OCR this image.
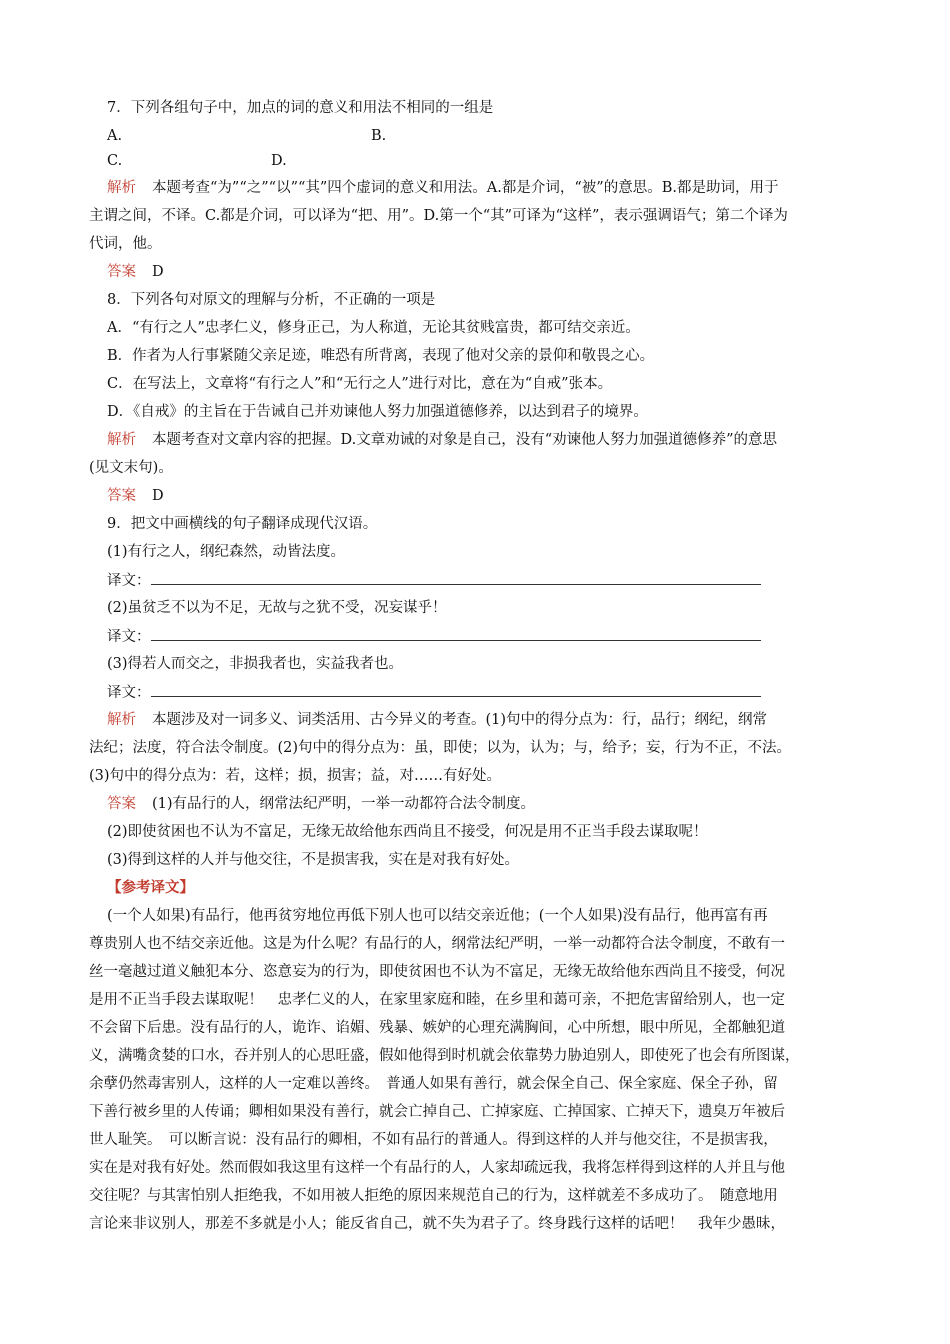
7．下列各组句子中，加点的词的意义和用法不相同的一组是
A.	B.
C.	D.
解析 本题考查“为”“之”“以”“其”四个虚词的意义和用法。A.都是介词，“被”的意思。B.都是助词，用于
主谓之间，不译。C.都是介词，可以译为“把、用”。D.第一个“其”可译为“这样”，表示强调语气；第二个译为
代词，他。
答案 D
8．下列各句对原文的理解与分析，不正确的一项是
A．“有行之人”忠孝仁义，修身正己，为人称道，无论其贫贱富贵，都可结交亲近。
B．作者为人行事紧随父亲足迹，唯恐有所背离，表现了他对父亲的景仰和敬畏之心。
C．在写法上，文章将“有行之人”和“无行之人”进行对比，意在为“自戒”张本。
D．《自戒》的主旨在于告诫自己并劝谏他人努力加强道德修养，以达到君子的境界。
解析 本题考查对文章内容的把握。D.文章劝诫的对象是自己，没有“劝谏他人努力加强道德修养”的意思
(见文末句)。
答案 D
9．把文中画横线的句子翻译成现代汉语。
(1)有行之人，纲纪森然，动皆法度。
译文：
(2)虽贫乏不以为不足，无故与之犹不受，况妄谋乎！
译文：
(3)得若人而交之，非损我者也，实益我者也。
译文：
解析 本题涉及对一词多义、词类活用、古今异义的考查。(1)句中的得分点为：行，品行；纲纪，纲常
法纪；法度，符合法令制度。(2)句中的得分点为：虽，即使；以为，认为；与，给予；妄，行为不正，不法。
(3)句中的得分点为：若，这样；损，损害；益，对……有好处。
答案 (1)有品行的人，纲常法纪严明，一举一动都符合法令制度。
(2)即使贫困也不认为不富足，无缘无故给他东西尚且不接受，何况是用不正当手段去谋取呢！
(3)得到这样的人并与他交往，不是损害我，实在是对我有好处。
【参考译文】
(一个人如果)有品行，他再贫穷地位再低下别人也可以结交亲近他；(一个人如果)没有品行，他再富有再
尊贵别人也不结交亲近他。这是为什么呢？有品行的人，纲常法纪严明，一举一动都符合法令制度，不敢有一
丝一毫越过道义触犯本分、恣意妄为的行为，即使贫困也不认为不富足，无缘无故给他东西尚且不接受，何况
是用不正当手段去谋取呢！　忠孝仁义的人，在家里家庭和睦，在乡里和蔼可亲，不把危害留给别人，也一定
不会留下后患。没有品行的人，诡诈、谄媚、残暴、嫉妒的心理充满胸间，心中所想，眼中所见，全都触犯道
义，满嘴贪婪的口水，吞并别人的心思旺盛，假如他得到时机就会依靠势力胁迫别人，即使死了也会有所图谋，
余孽仍然毒害别人，这样的人一定难以善终。　普通人如果有善行，就会保全自己、保全家庭、保全子孙，留
下善行被乡里的人传诵；卿相如果没有善行，就会亡掉自己、亡掉家庭、亡掉国家、亡掉天下，遗臭万年被后
世人耻笑。　可以断言说：没有品行的卿相，不如有品行的普通人。得到这样的人并与他交往，不是损害我，
实在是对我有好处。然而假如我这里有这样一个有品行的人，人家却疏远我，我将怎样得到这样的人并且与他
交往呢？与其害怕别人拒绝我，不如用被人拒绝的原因来规范自己的行为，这样就差不多成功了。　随意地用
言论来非议别人，那差不多就是小人；能反省自己，就不失为君子了。终身践行这样的话吧！　我年少愚昧，
